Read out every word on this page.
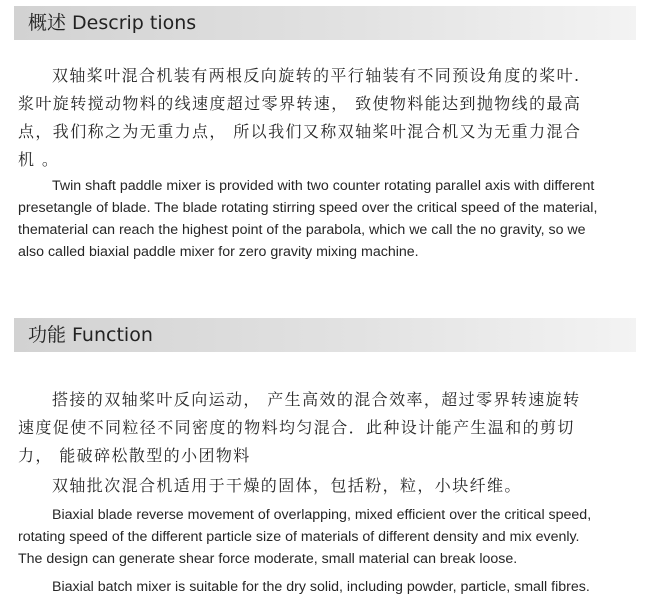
概述 Descrip tions

双轴桨叶混合机装有两根反向旋转的平行轴装有不同预设角度的桨叶.
浆叶旋转搅动物料的线速度超过零界转速， 致使物料能达到抛物线的最高
点，我们称之为无重力点， 所以我们又称双轴桨叶混合机又为无重力混合
机 。

Twin shaft paddle mixer is provided with two counter rotating parallel axis with different
presetangle of blade. The blade rotating stirring speed over the critical speed of the material,
thematerial can reach the highest point of the parabola, which we call the no gravity, so we
also called biaxial paddle mixer for zero gravity mixing machine.

功能 Function

搭接的双轴桨叶反向运动， 产生高效的混合效率，超过零界转速旋转
速度促使不同粒径不同密度的物料均匀混合．此种设计能产生温和的剪切
力， 能破碎松散型的小团物料

双轴批次混合机适用于干燥的固体，包括粉，粒，小块纤维。

Biaxial blade reverse movement of overlapping, mixed efficient over the critical speed,
rotating speed of the different particle size of materials of different density and mix evenly.
The design can generate shear force moderate, small material can break loose.

Biaxial batch mixer is suitable for the dry solid, including powder, particle, small fibres.
